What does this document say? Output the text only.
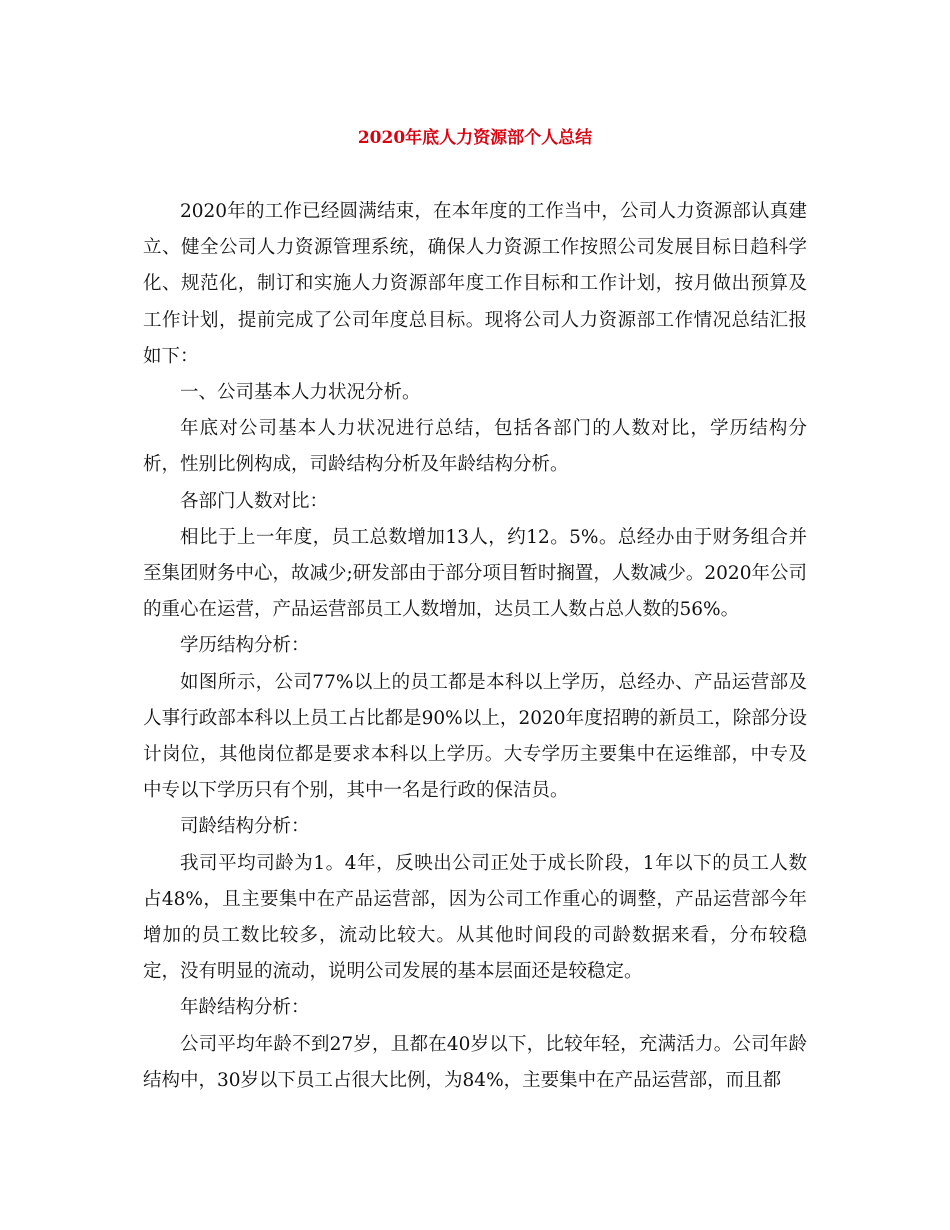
2020年底人力资源部个人总结

2020年的工作已经圆满结束，在本年度的工作当中，公司人力资源部认真建立、健全公司人力资源管理系统，确保人力资源工作按照公司发展目标日趋科学化、规范化，制订和实施人力资源部年度工作目标和工作计划，按月做出预算及工作计划，提前完成了公司年度总目标。现将公司人力资源部工作情况总结汇报如下：

一、公司基本人力状况分析。

年底对公司基本人力状况进行总结，包括各部门的人数对比，学历结构分析，性别比例构成，司龄结构分析及年龄结构分析。

各部门人数对比：

相比于上一年度，员工总数增加13人，约12。5%。总经办由于财务组合并至集团财务中心，故减少;研发部由于部分项目暂时搁置，人数减少。2020年公司的重心在运营，产品运营部员工人数增加，达员工人数占总人数的56%。

学历结构分析：

如图所示，公司77%以上的员工都是本科以上学历，总经办、产品运营部及人事行政部本科以上员工占比都是90%以上，2020年度招聘的新员工，除部分设计岗位，其他岗位都是要求本科以上学历。大专学历主要集中在运维部，中专及中专以下学历只有个别，其中一名是行政的保洁员。

司龄结构分析：

我司平均司龄为1。4年，反映出公司正处于成长阶段，1年以下的员工人数占48%，且主要集中在产品运营部，因为公司工作重心的调整，产品运营部今年增加的员工数比较多，流动比较大。从其他时间段的司龄数据来看，分布较稳定，没有明显的流动，说明公司发展的基本层面还是较稳定。

年龄结构分析：

公司平均年龄不到27岁，且都在40岁以下，比较年轻，充满活力。公司年龄结构中，30岁以下员工占很大比例，为84%，主要集中在产品运营部，而且都
